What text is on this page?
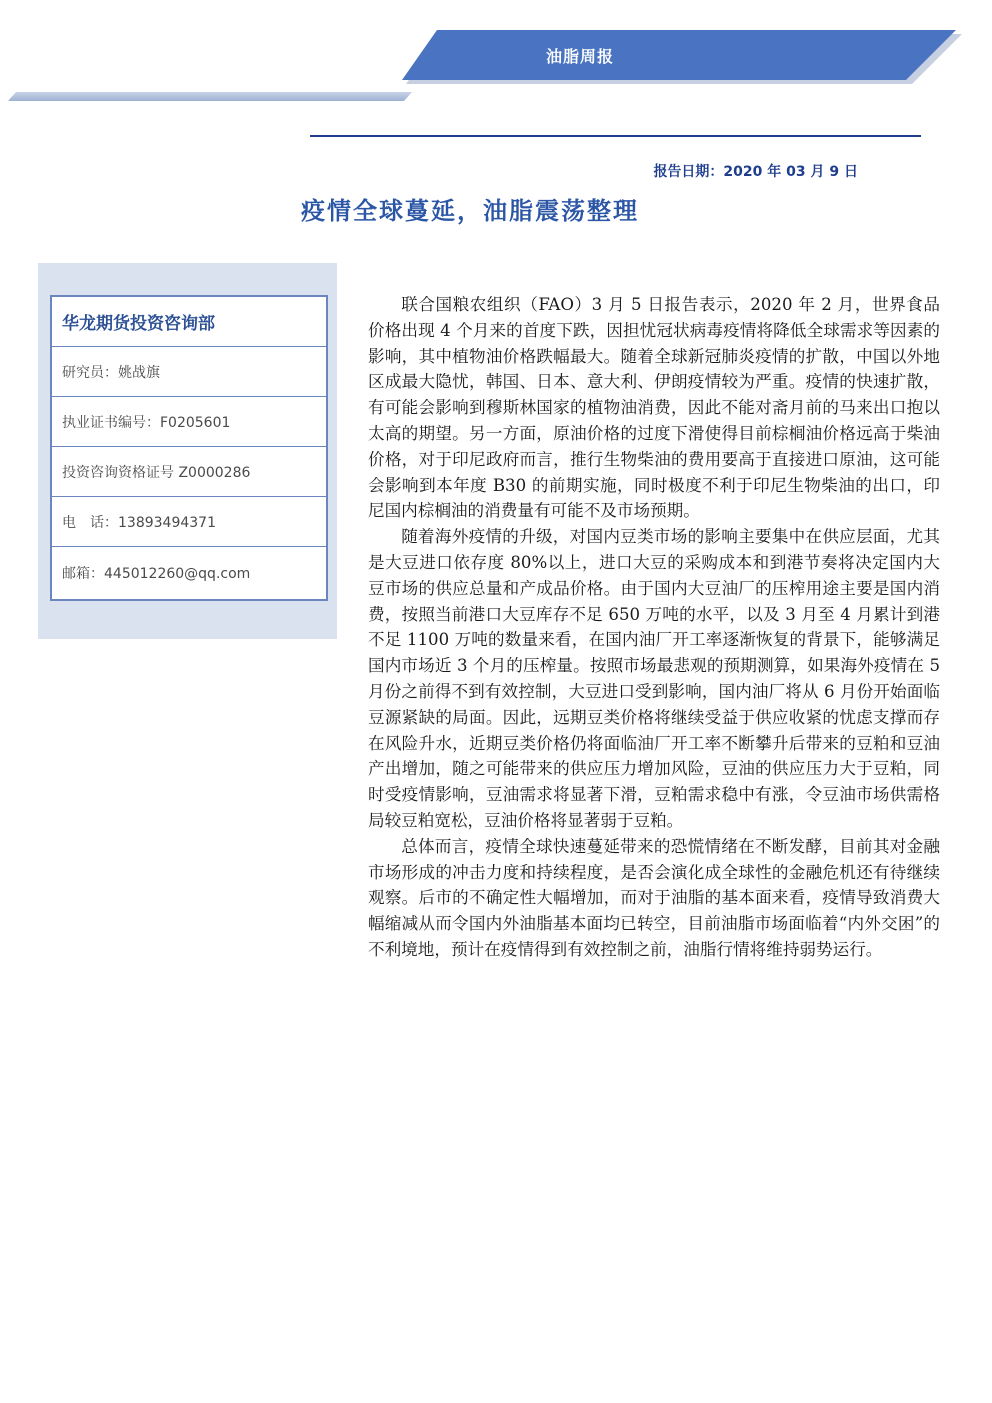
油脂周报
报告日期：2020 年 03 月 9 日
疫情全球蔓延，油脂震荡整理
华龙期货投资咨询部
研究员：姚战旗
执业证书编号：F0205601
投资咨询资格证号 Z0000286
电　话：13893494371
邮箱：445012260@qq.com

联合国粮农组织（FAO）3 月 5 日报告表示，2020 年 2 月，世界食品价格出现 4 个月来的首度下跌，因担忧冠状病毒疫情将降低全球需求等因素的影响，其中植物油价格跌幅最大。随着全球新冠肺炎疫情的扩散，中国以外地区成最大隐忧，韩国、日本、意大利、伊朗疫情较为严重。疫情的快速扩散，有可能会影响到穆斯林国家的植物油消费，因此不能对斋月前的马来出口抱以太高的期望。另一方面，原油价格的过度下滑使得目前棕榈油价格远高于柴油价格，对于印尼政府而言，推行生物柴油的费用要高于直接进口原油，这可能会影响到本年度 B30 的前期实施，同时极度不利于印尼生物柴油的出口，印尼国内棕榈油的消费量有可能不及市场预期。

随着海外疫情的升级，对国内豆类市场的影响主要集中在供应层面，尤其是大豆进口依存度 80%以上，进口大豆的采购成本和到港节奏将决定国内大豆市场的供应总量和产成品价格。由于国内大豆油厂的压榨用途主要是国内消费，按照当前港口大豆库存不足 650 万吨的水平，以及 3 月至 4 月累计到港不足 1100 万吨的数量来看，在国内油厂开工率逐渐恢复的背景下，能够满足国内市场近 3 个月的压榨量。按照市场最悲观的预期测算，如果海外疫情在 5 月份之前得不到有效控制，大豆进口受到影响，国内油厂将从 6 月份开始面临豆源紧缺的局面。因此，远期豆类价格将继续受益于供应收紧的忧虑支撑而存在风险升水，近期豆类价格仍将面临油厂开工率不断攀升后带来的豆粕和豆油产出增加，随之可能带来的供应压力增加风险，豆油的供应压力大于豆粕，同时受疫情影响，豆油需求将显著下滑，豆粕需求稳中有涨，令豆油市场供需格局较豆粕宽松，豆油价格将显著弱于豆粕。

总体而言，疫情全球快速蔓延带来的恐慌情绪在不断发酵，目前其对金融市场形成的冲击力度和持续程度，是否会演化成全球性的金融危机还有待继续观察。后市的不确定性大幅增加，而对于油脂的基本面来看，疫情导致消费大幅缩减从而令国内外油脂基本面均已转空，目前油脂市场面临着“内外交困”的不利境地，预计在疫情得到有效控制之前，油脂行情将维持弱势运行。
